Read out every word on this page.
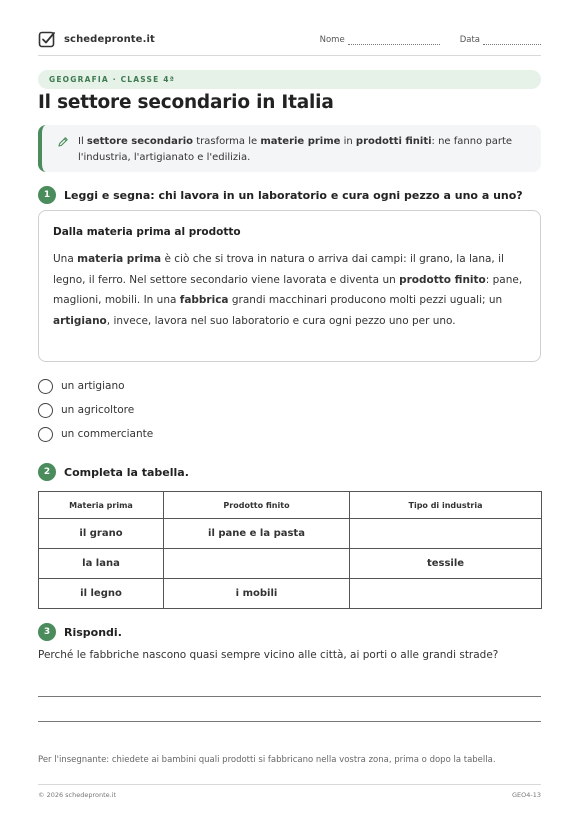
schedepronte.it	Nome	Data
GEOGRAFIA · CLASSE 4ª
Il settore secondario in Italia
Il settore secondario trasforma le materie prime in prodotti finiti: ne fanno parte l'industria, l'artigianato e l'edilizia.
1	Leggi e segna: chi lavora in un laboratorio e cura ogni pezzo a uno a uno?
Dalla materia prima al prodotto
Una materia prima è ciò che si trova in natura o arriva dai campi: il grano, la lana, il legno, il ferro. Nel settore secondario viene lavorata e diventa un prodotto finito: pane, maglioni, mobili. In una fabbrica grandi macchinari producono molti pezzi uguali; un artigiano, invece, lavora nel suo laboratorio e cura ogni pezzo uno per uno.
un artigiano
un agricoltore
un commerciante
2	Completa la tabella.
Materia prima	Prodotto finito	Tipo di industria
il grano	il pane e la pasta	
la lana		tessile
il legno	i mobili	
3	Rispondi.
Perché le fabbriche nascono quasi sempre vicino alle città, ai porti o alle grandi strade?
Per l'insegnante: chiedete ai bambini quali prodotti si fabbricano nella vostra zona, prima o dopo la tabella.
© 2026 schedepronte.it	GEO4-13
